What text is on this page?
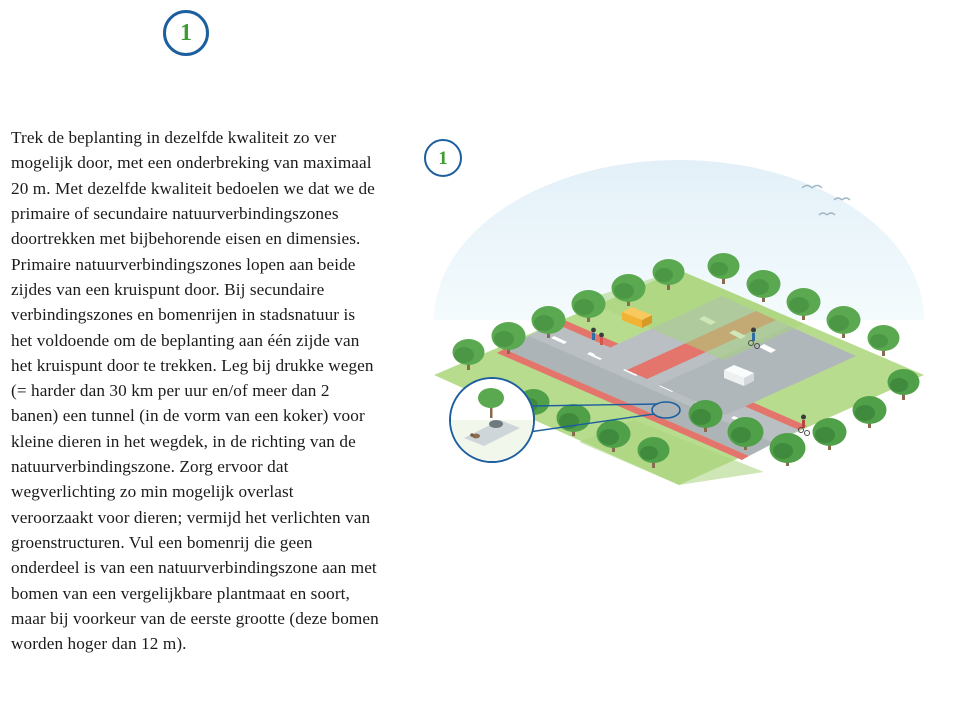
1

Trek de beplanting in dezelfde kwaliteit zo ver mogelijk door, met een onderbreking van maximaal 20 m. Met dezelfde kwaliteit bedoelen we dat we de primaire of secundaire natuurverbindingszones doortrekken met bijbehorende eisen en dimensies. Primaire natuurverbindingszones lopen aan beide zijdes van een kruispunt door. Bij secundaire verbindingszones en bomenrijen in stadsnatuur is het voldoende om de beplanting aan één zijde van het kruispunt door te trekken. Leg bij drukke wegen (= harder dan 30 km per uur en/of meer dan 2 banen) een tunnel (in de vorm van een koker) voor kleine dieren in het wegdek, in de richting van de natuurverbindingszone. Zorg ervoor dat wegverlichting zo min mogelijk overlast veroorzaakt voor dieren; vermijd het verlichten van groenstructuren. Vul een bomenrij die geen onderdeel is van een natuurverbindingszone aan met bomen van een vergelijkbare plantmaat en soort, maar bij voorkeur van de eerste grootte (deze bomen worden hoger dan 12 m).

1
